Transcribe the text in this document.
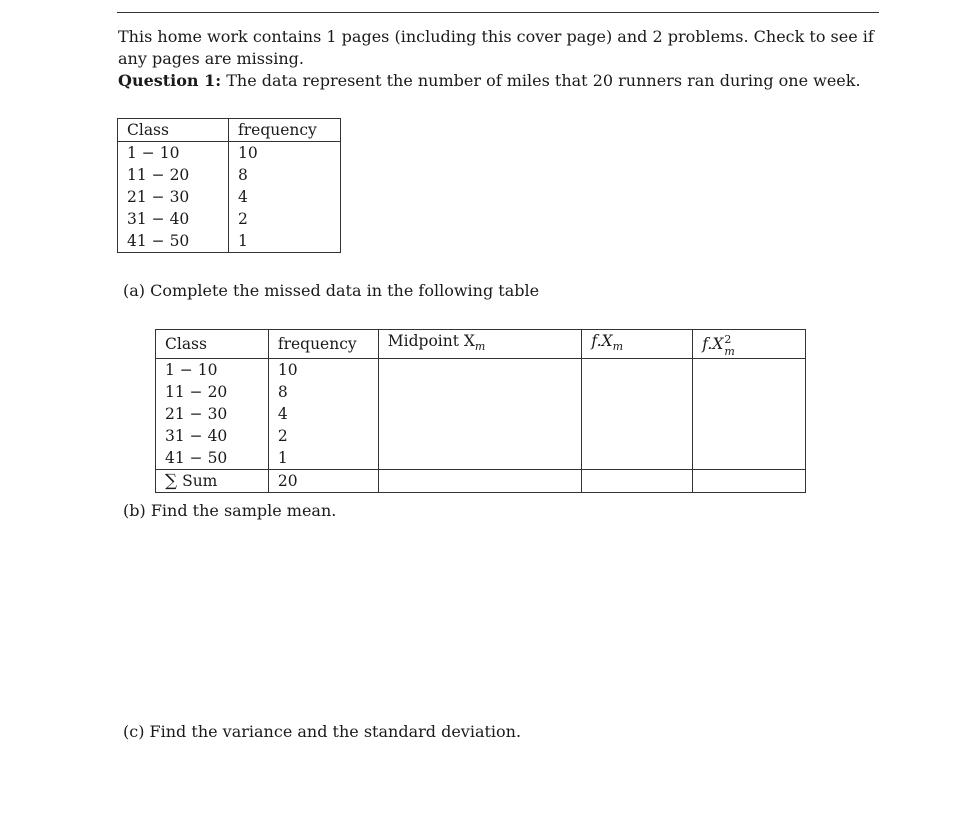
This home work contains 1 pages (including this cover page) and 2 problems. Check to see if any pages are missing.
Question 1: The data represent the number of miles that 20 runners ran during one week.
Class	frequency
1 − 10	10
11 − 20	8
21 − 30	4
31 − 40	2
41 − 50	1
(a) Complete the missed data in the following table
Class	frequency	Midpoint $X_m$	$f.X_m$	f.X 2
m

1 − 10	10			
11 − 20	8			
21 − 30	4			
31 − 40	2			
41 − 50	1			
∑ Sum	20			
(b) Find the sample mean.
(c) Find the variance and the standard deviation.
